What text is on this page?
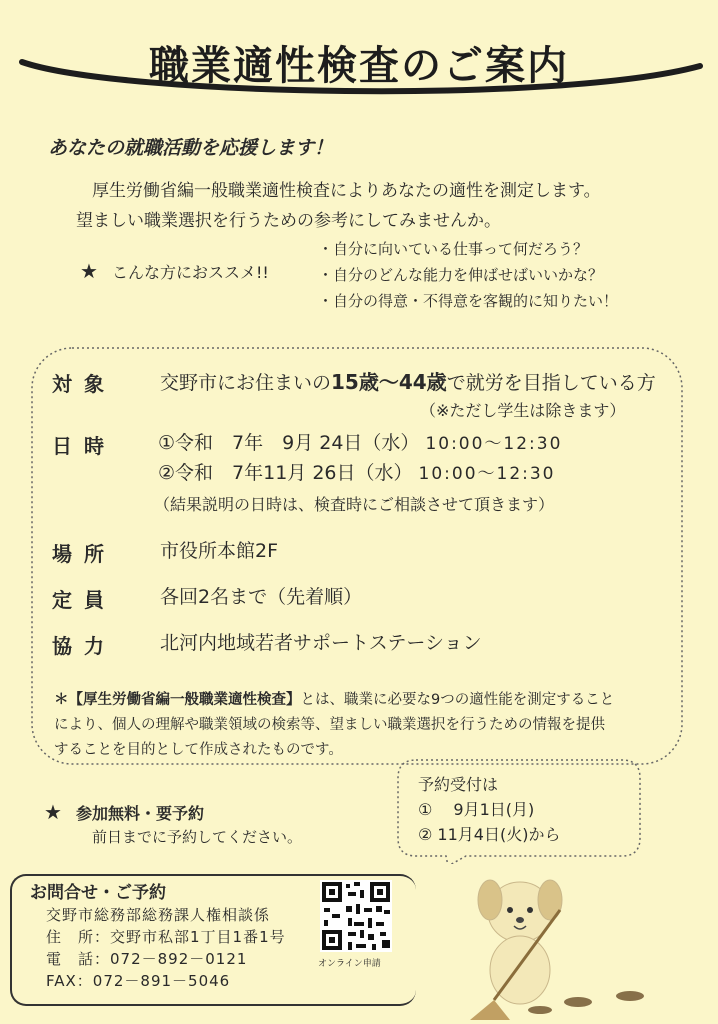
職業適性検査のご案内
あなたの就職活動を応援します！
厚生労働省編一般職業適性検査によりあなたの適性を測定します。
望ましい職業選択を行うための参考にしてみませんか。
★ こんな方におススメ!!
・自分に向いている仕事って何だろう？
・自分のどんな能力を伸ばせばいいかな？
・自分の得意・不得意を客観的に知りたい！
対象 交野市にお住まいの15歳～44歳で就労を目指している方
（※ただし学生は除きます）
日時 ①令和　7年　9月 24日（水） 10:00～12:30
②令和　7年11月 26日（水） 10:00～12:30
（結果説明の日時は、検査時にご相談させて頂きます）
場所 市役所本館2F
定員 各回2名まで（先着順）
協力 北河内地域若者サポートステーション
＊【厚生労働省編一般職業適性検査】とは、職業に必要な9つの適性能を測定すること
により、個人の理解や職業領域の検索等、望ましい職業選択を行うための情報を提供
することを目的として作成されたものです。
予約受付は
①　 9月1日(月)
② 11月4日(火)から
★ 参加無料・要予約
前日までに予約してください。
お問合せ・ご予約
交野市総務部総務課人権相談係
住　所：交野市私部1丁目1番1号
電　話：072－892－0121
FAX：072－891－5046
オンライン申請
